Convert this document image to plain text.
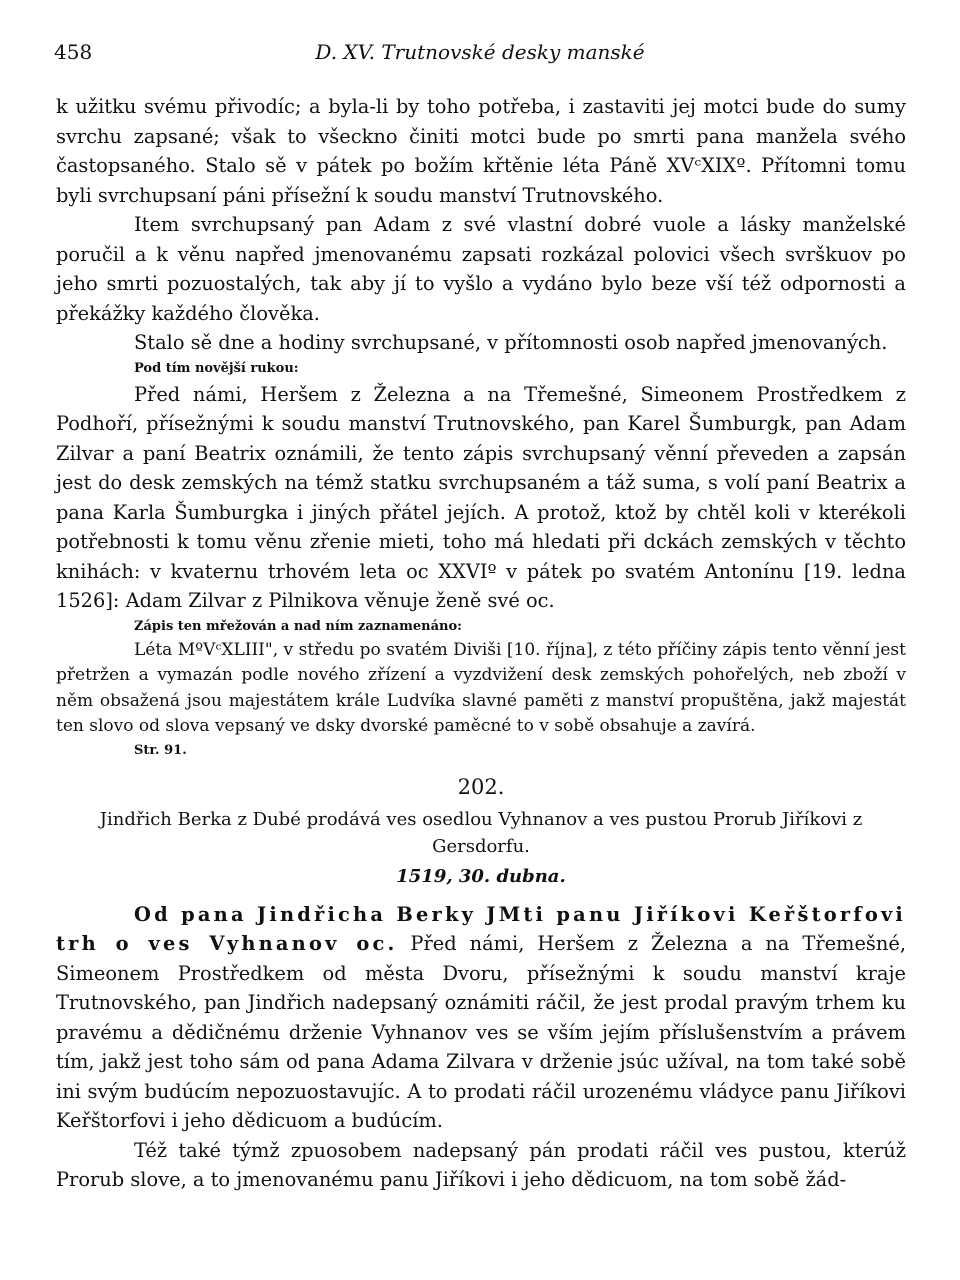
458	D. XV. Trutnovské desky manské

k užitku svému přivodíc; a byla-li by toho potřeba, i zastaviti jej motci bude do sumy svrchu zapsané; však to všeckno činiti motci bude po smrti pana manžela svého častopsaného. Stalo sě v pátek po božím křtěnie léta Páně XVᶜXIXº. Přítomni tomu byli svrchupsaní páni přísežní k soudu manství Trutnovského.

Item svrchupsaný pan Adam z své vlastní dobré vuole a lásky manželské poručil a k věnu napřed jmenovanému zapsati rozkázal polovici všech svrškuov po jeho smrti pozuostalých, tak aby jí to vyšlo a vydáno bylo beze vší též odpornosti a překážky každého člověka.

Stalo sě dne a hodiny svrchupsané, v přítomnosti osob napřed jmenovaných.

Pod tím novější rukou:

Před námi, Heršem z Železna a na Třemešné, Simeonem Prostředkem z Podhoří, přísežnými k soudu manství Trutnovského, pan Karel Šumburgk, pan Adam Zilvar a paní Beatrix oznámili, že tento zápis svrchupsaný věnní převeden a zapsán jest do desk zemských na témž statku svrchupsaném a táž suma, s volí paní Beatrix a pana Karla Šumburgka i jiných přátel jejích. A protož, ktož by chtěl koli v kterékoli potřebnosti k tomu věnu zřenie mieti, toho má hledati při dckách zemských v těchto knihách: v kvaternu trhovém leta oc XXVIº v pátek po svatém Antonínu [19. ledna 1526]: Adam Zilvar z Pilnikova věnuje ženě své oc.

Zápis ten mřežován a nad ním zaznamenáno:

Léta MºVᶜXLIII", v středu po svatém Diviši [10. října], z této příčiny zápis tento věnní jest přetržen a vymazán podle nového zřízení a vyzdvižení desk zemských pohořelých, neb zboží v něm obsažená jsou majestátem krále Ludvíka slavné paměti z manství propuštěna, jakž majestát ten slovo od slova vepsaný ve dsky dvorské paměcné to v sobě obsahuje a zavírá.

Str. 91.

202.
Jindřich Berka z Dubé prodává ves osedlou Vyhnanov a ves pustou Prorub Jiříkovi z Gersdorfu.
1519, 30. dubna.

Od pana Jindřicha Berky JMti panu Jiříkovi Keřštorfovi trh o ves Vyhnanov oc. Před námi, Heršem z Železna a na Třemešné, Simeonem Prostředkem od města Dvoru, přísežnými k soudu manství kraje Trutnovského, pan Jindřich nadepsaný oznámiti ráčil, že jest prodal pravým trhem ku pravému a dědičnému drženie Vyhnanov ves se vším jejím příslušenstvím a právem tím, jakž jest toho sám od pana Adama Zilvara v drženie jsúc užíval, na tom také sobě ini svým budúcím nepozuostavujíc. A to prodati ráčil urozenému vládyce panu Jiříkovi Keřštorfovi i jeho dědicuom a budúcím.

Též také týmž zpuosobem nadepsaný pán prodati ráčil ves pustou, kterúž Prorub slove, a to jmenovanému panu Jiříkovi i jeho dědicuom, na tom sobě žád-
